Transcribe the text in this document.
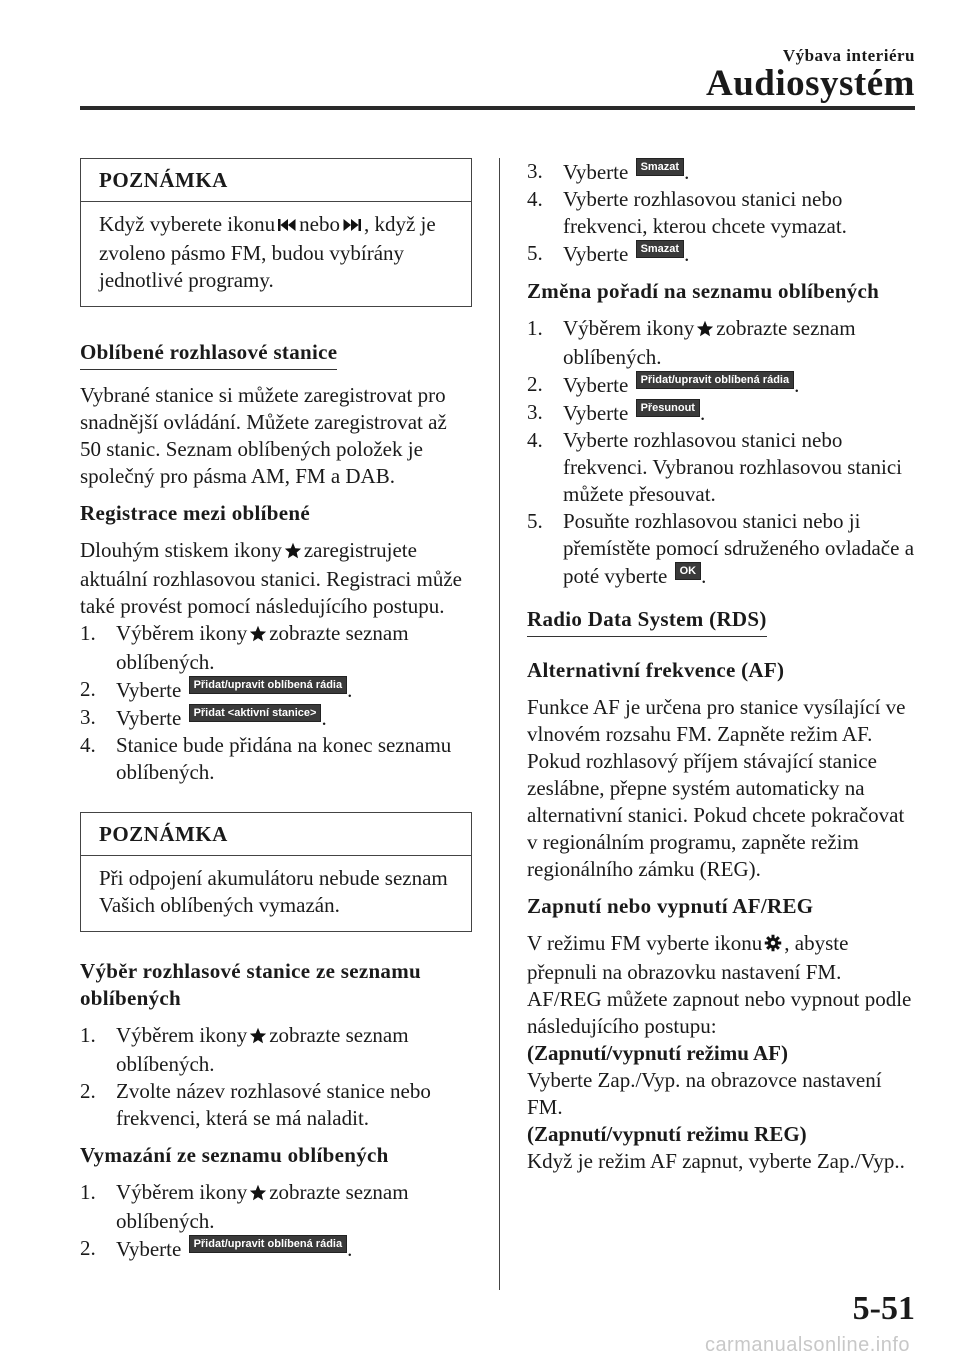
Výbava interiéru
Audiosystém
POZNÁMKA
Když vyberete ikonu nebo , když je zvoleno pásmo FM, budou vybírány jednotlivé programy.
Oblíbené rozhlasové stanice

Vybrané stanice si můžete zaregistrovat pro snadnější ovládání. Můžete zaregistrovat až 50 stanic. Seznam oblíbených položek je společný pro pásma AM, FM a DAB.

Registrace mezi oblíbené

Dlouhým stiskem ikony zaregistrujete aktuální rozhlasovou stanici. Registraci může také provést pomocí následujícího postupu.

1. Výběrem ikony zobrazte seznam oblíbených.
2. Vyberte Přidat/upravit oblíbená rádia .
3. Vyberte Přidat <aktivní stanice> .
4. Stanice bude přidána na konec seznamu oblíbených.
POZNÁMKA
Při odpojení akumulátoru nebude seznam Vašich oblíbených vymazán.
Výběr rozhlasové stanice ze seznamu oblíbených
1. Výběrem ikony zobrazte seznam oblíbených.
2. Zvolte název rozhlasové stanice nebo frekvenci, která se má naladit.
Vymazání ze seznamu oblíbených
1. Výběrem ikony zobrazte seznam oblíbených.
2. Vyberte Přidat/upravit oblíbená rádia .
3. Vyberte Smazat .
4. Vyberte rozhlasovou stanici nebo frekvenci, kterou chcete vymazat.
5. Vyberte Smazat .
Změna pořadí na seznamu oblíbených
1. Výběrem ikony zobrazte seznam oblíbených.
2. Vyberte Přidat/upravit oblíbená rádia .
3. Vyberte Přesunout .
4. Vyberte rozhlasovou stanici nebo frekvenci. Vybranou rozhlasovou stanici můžete přesouvat.
5. Posuňte rozhlasovou stanici nebo ji přemístěte pomocí sdruženého ovladače a poté vyberte OK .
Radio Data System (RDS)
Alternativní frekvence (AF)

Funkce AF je určena pro stanice vysílající ve vlnovém rozsahu FM. Zapněte režim AF. Pokud rozhlasový příjem stávající stanice zeslábne, přepne systém automaticky na alternativní stanici. Pokud chcete pokračovat v regionálním programu, zapněte režim regionálního zámku (REG).

Zapnutí nebo vypnutí AF/REG

V režimu FM vyberte ikonu , abyste přepnuli na obrazovku nastavení FM. AF/REG můžete zapnout nebo vypnout podle následujícího postupu:

(Zapnutí/vypnutí režimu AF)
Vyberte Zap./Vyp. na obrazovce nastavení FM.
(Zapnutí/vypnutí režimu REG)
Když je režim AF zapnut, vyberte Zap./Vyp..
5-51
carmanualsonline.info
